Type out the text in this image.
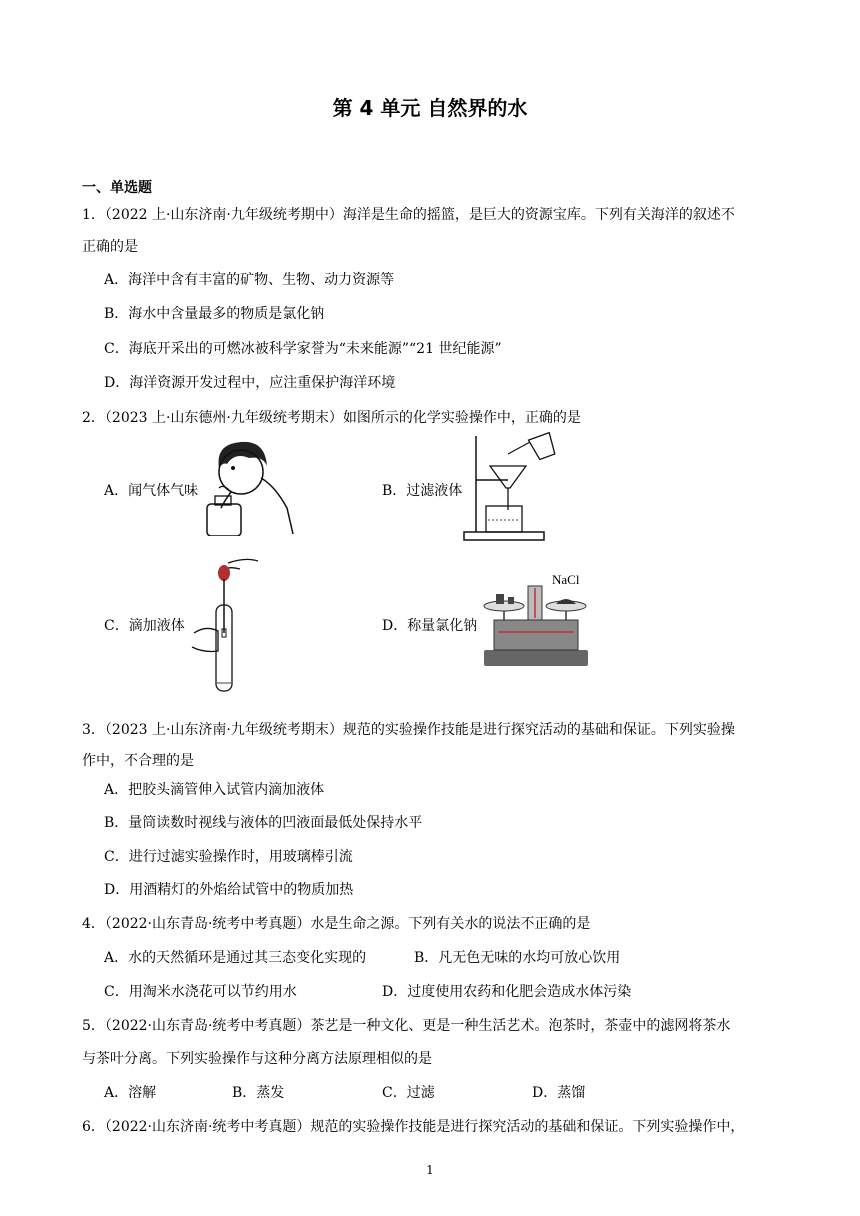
第 4 单元 自然界的水
一、单选题
1．（2022 上·山东济南·九年级统考期中）海洋是生命的摇篮，是巨大的资源宝库。下列有关海洋的叙述不
正确的是
A．海洋中含有丰富的矿物、生物、动力资源等
B．海水中含量最多的物质是氯化钠
C．海底开采出的可燃冰被科学家誉为“未来能源”“21 世纪能源”
D．海洋资源开发过程中，应注重保护海洋环境
2．（2023 上·山东德州·九年级统考期末）如图所示的化学实验操作中，正确的是
A．闻气体气味	B．过滤液体
C．滴加液体	D．称量氯化钠
NaCl
3．（2023 上·山东济南·九年级统考期末）规范的实验操作技能是进行探究活动的基础和保证。下列实验操
作中，不合理的是
A．把胶头滴管伸入试管内滴加液体
B．量筒读数时视线与液体的凹液面最低处保持水平
C．进行过滤实验操作时，用玻璃棒引流
D．用酒精灯的外焰给试管中的物质加热
4．（2022·山东青岛·统考中考真题）水是生命之源。下列有关水的说法不正确的是
A．水的天然循环是通过其三态变化实现的	B．凡无色无味的水均可放心饮用
C．用淘米水浇花可以节约用水	D．过度使用农药和化肥会造成水体污染
5．（2022·山东青岛·统考中考真题）茶艺是一种文化、更是一种生活艺术。泡茶时，茶壶中的滤网将茶水
与茶叶分离。下列实验操作与这种分离方法原理相似的是
A．溶解	B．蒸发	C．过滤	D．蒸馏
6．（2022·山东济南·统考中考真题）规范的实验操作技能是进行探究活动的基础和保证。下列实验操作中，
1
